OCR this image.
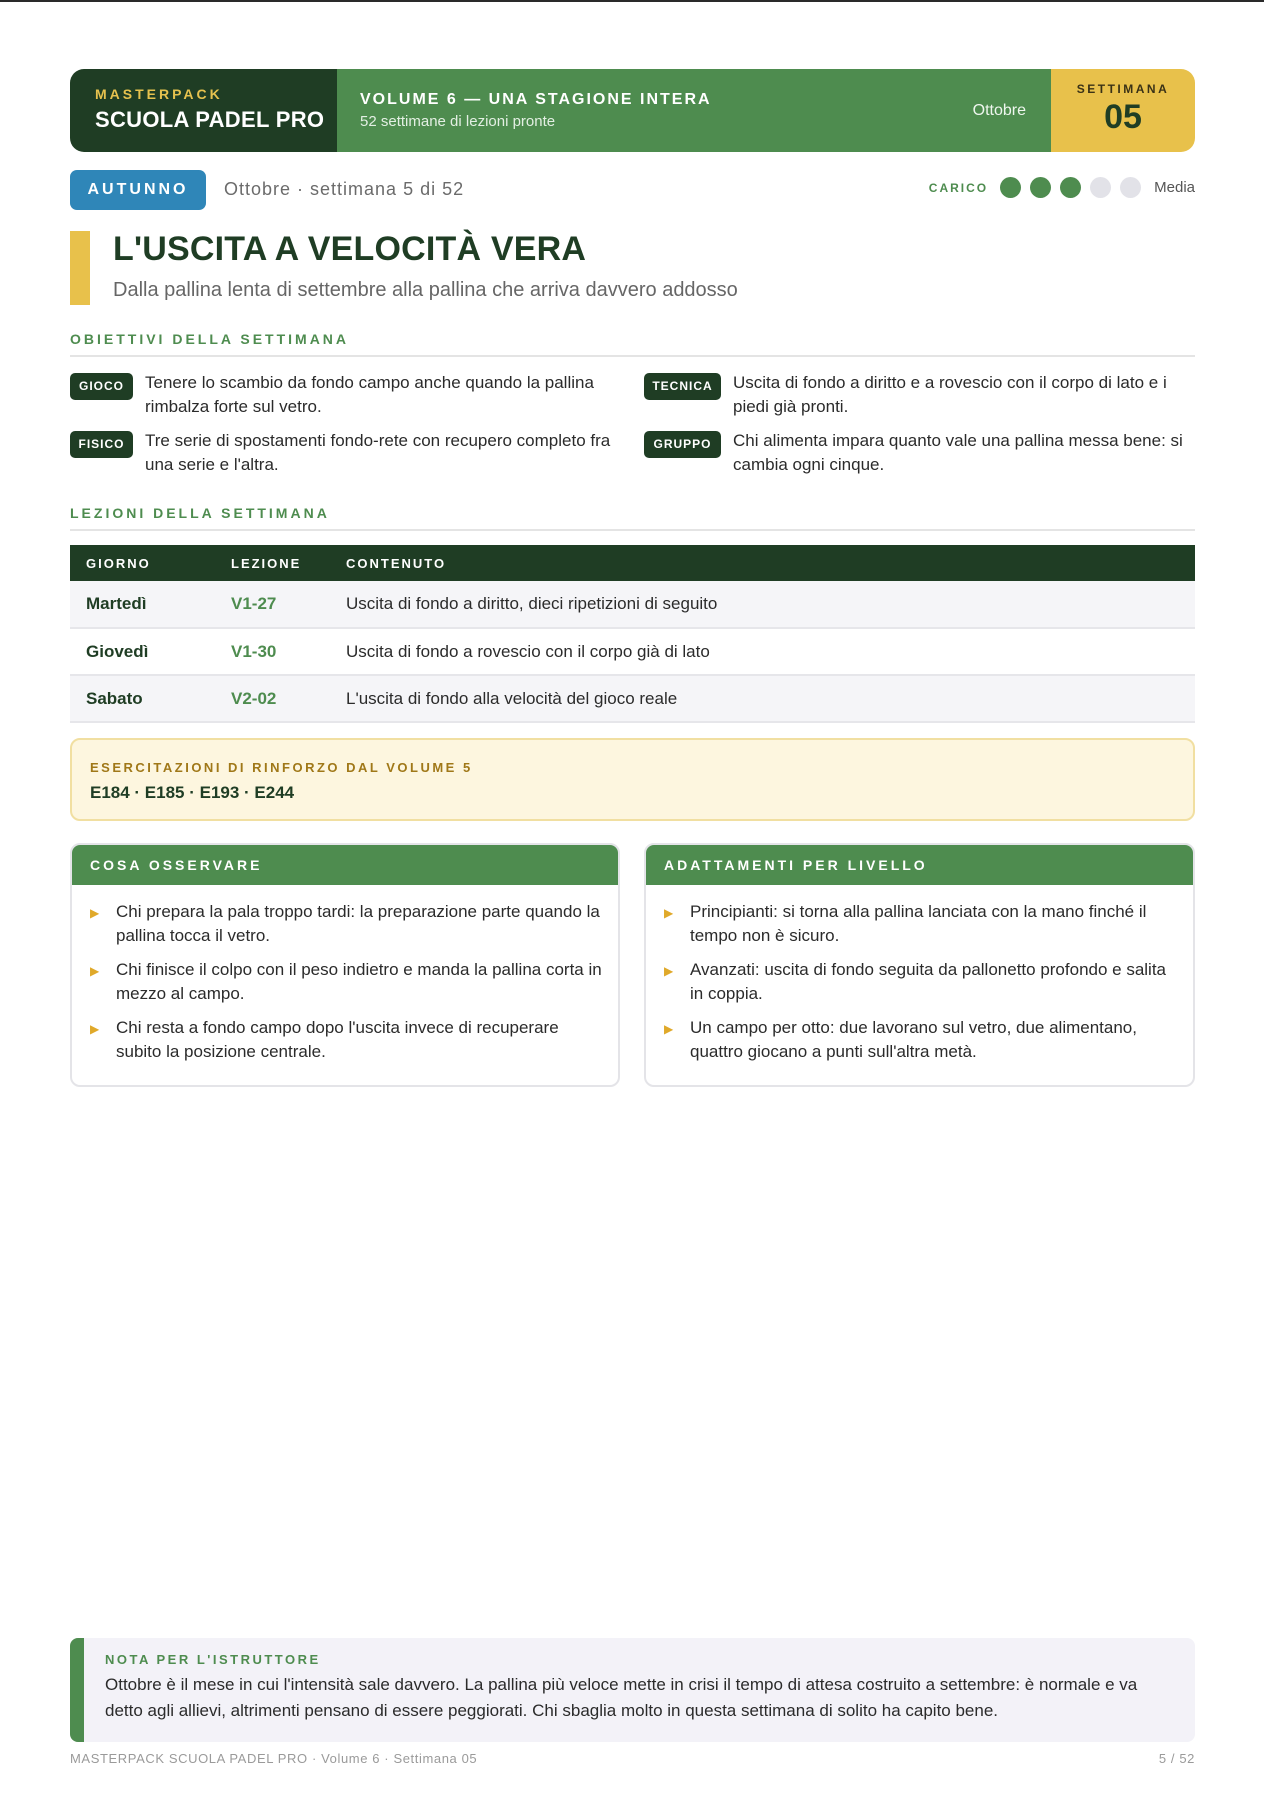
MASTERPACK
SCUOLA PADEL PRO
VOLUME 6 — UNA STAGIONE INTERA
52 settimane di lezioni pronte
Ottobre
SETTIMANA
05
AUTUNNO	Ottobre · settimana 5 di 52	CARICO	Media
L'USCITA A VELOCITÀ VERA
Dalla pallina lenta di settembre alla pallina che arriva davvero addosso
OBIETTIVI DELLA SETTIMANA
GIOCO	Tenere lo scambio da fondo campo anche quando la pallina rimbalza forte sul vetro.
TECNICA	Uscita di fondo a diritto e a rovescio con il corpo di lato e i piedi già pronti.
FISICO	Tre serie di spostamenti fondo-rete con recupero completo fra una serie e l'altra.
GRUPPO	Chi alimenta impara quanto vale una pallina messa bene: si cambia ogni cinque.
LEZIONI DELLA SETTIMANA
GIORNO	LEZIONE	CONTENUTO
Martedì	V1-27	Uscita di fondo a diritto, dieci ripetizioni di seguito
Giovedì	V1-30	Uscita di fondo a rovescio con il corpo già di lato
Sabato	V2-02	L'uscita di fondo alla velocità del gioco reale
ESERCITAZIONI DI RINFORZO DAL VOLUME 5
E184 · E185 · E193 · E244
COSA OSSERVARE
▶ Chi prepara la pala troppo tardi: la preparazione parte quando la pallina tocca il vetro.
▶ Chi finisce il colpo con il peso indietro e manda la pallina corta in mezzo al campo.
▶ Chi resta a fondo campo dopo l'uscita invece di recuperare subito la posizione centrale.
ADATTAMENTI PER LIVELLO
▶ Principianti: si torna alla pallina lanciata con la mano finché il tempo non è sicuro.
▶ Avanzati: uscita di fondo seguita da pallonetto profondo e salita in coppia.
▶ Un campo per otto: due lavorano sul vetro, due alimentano, quattro giocano a punti sull'altra metà.
NOTA PER L'ISTRUTTORE
Ottobre è il mese in cui l'intensità sale davvero. La pallina più veloce mette in crisi il tempo di attesa costruito a settembre: è normale e va detto agli allievi, altrimenti pensano di essere peggiorati. Chi sbaglia molto in questa settimana di solito ha capito bene.
MASTERPACK SCUOLA PADEL PRO · Volume 6 · Settimana 05	5 / 52
